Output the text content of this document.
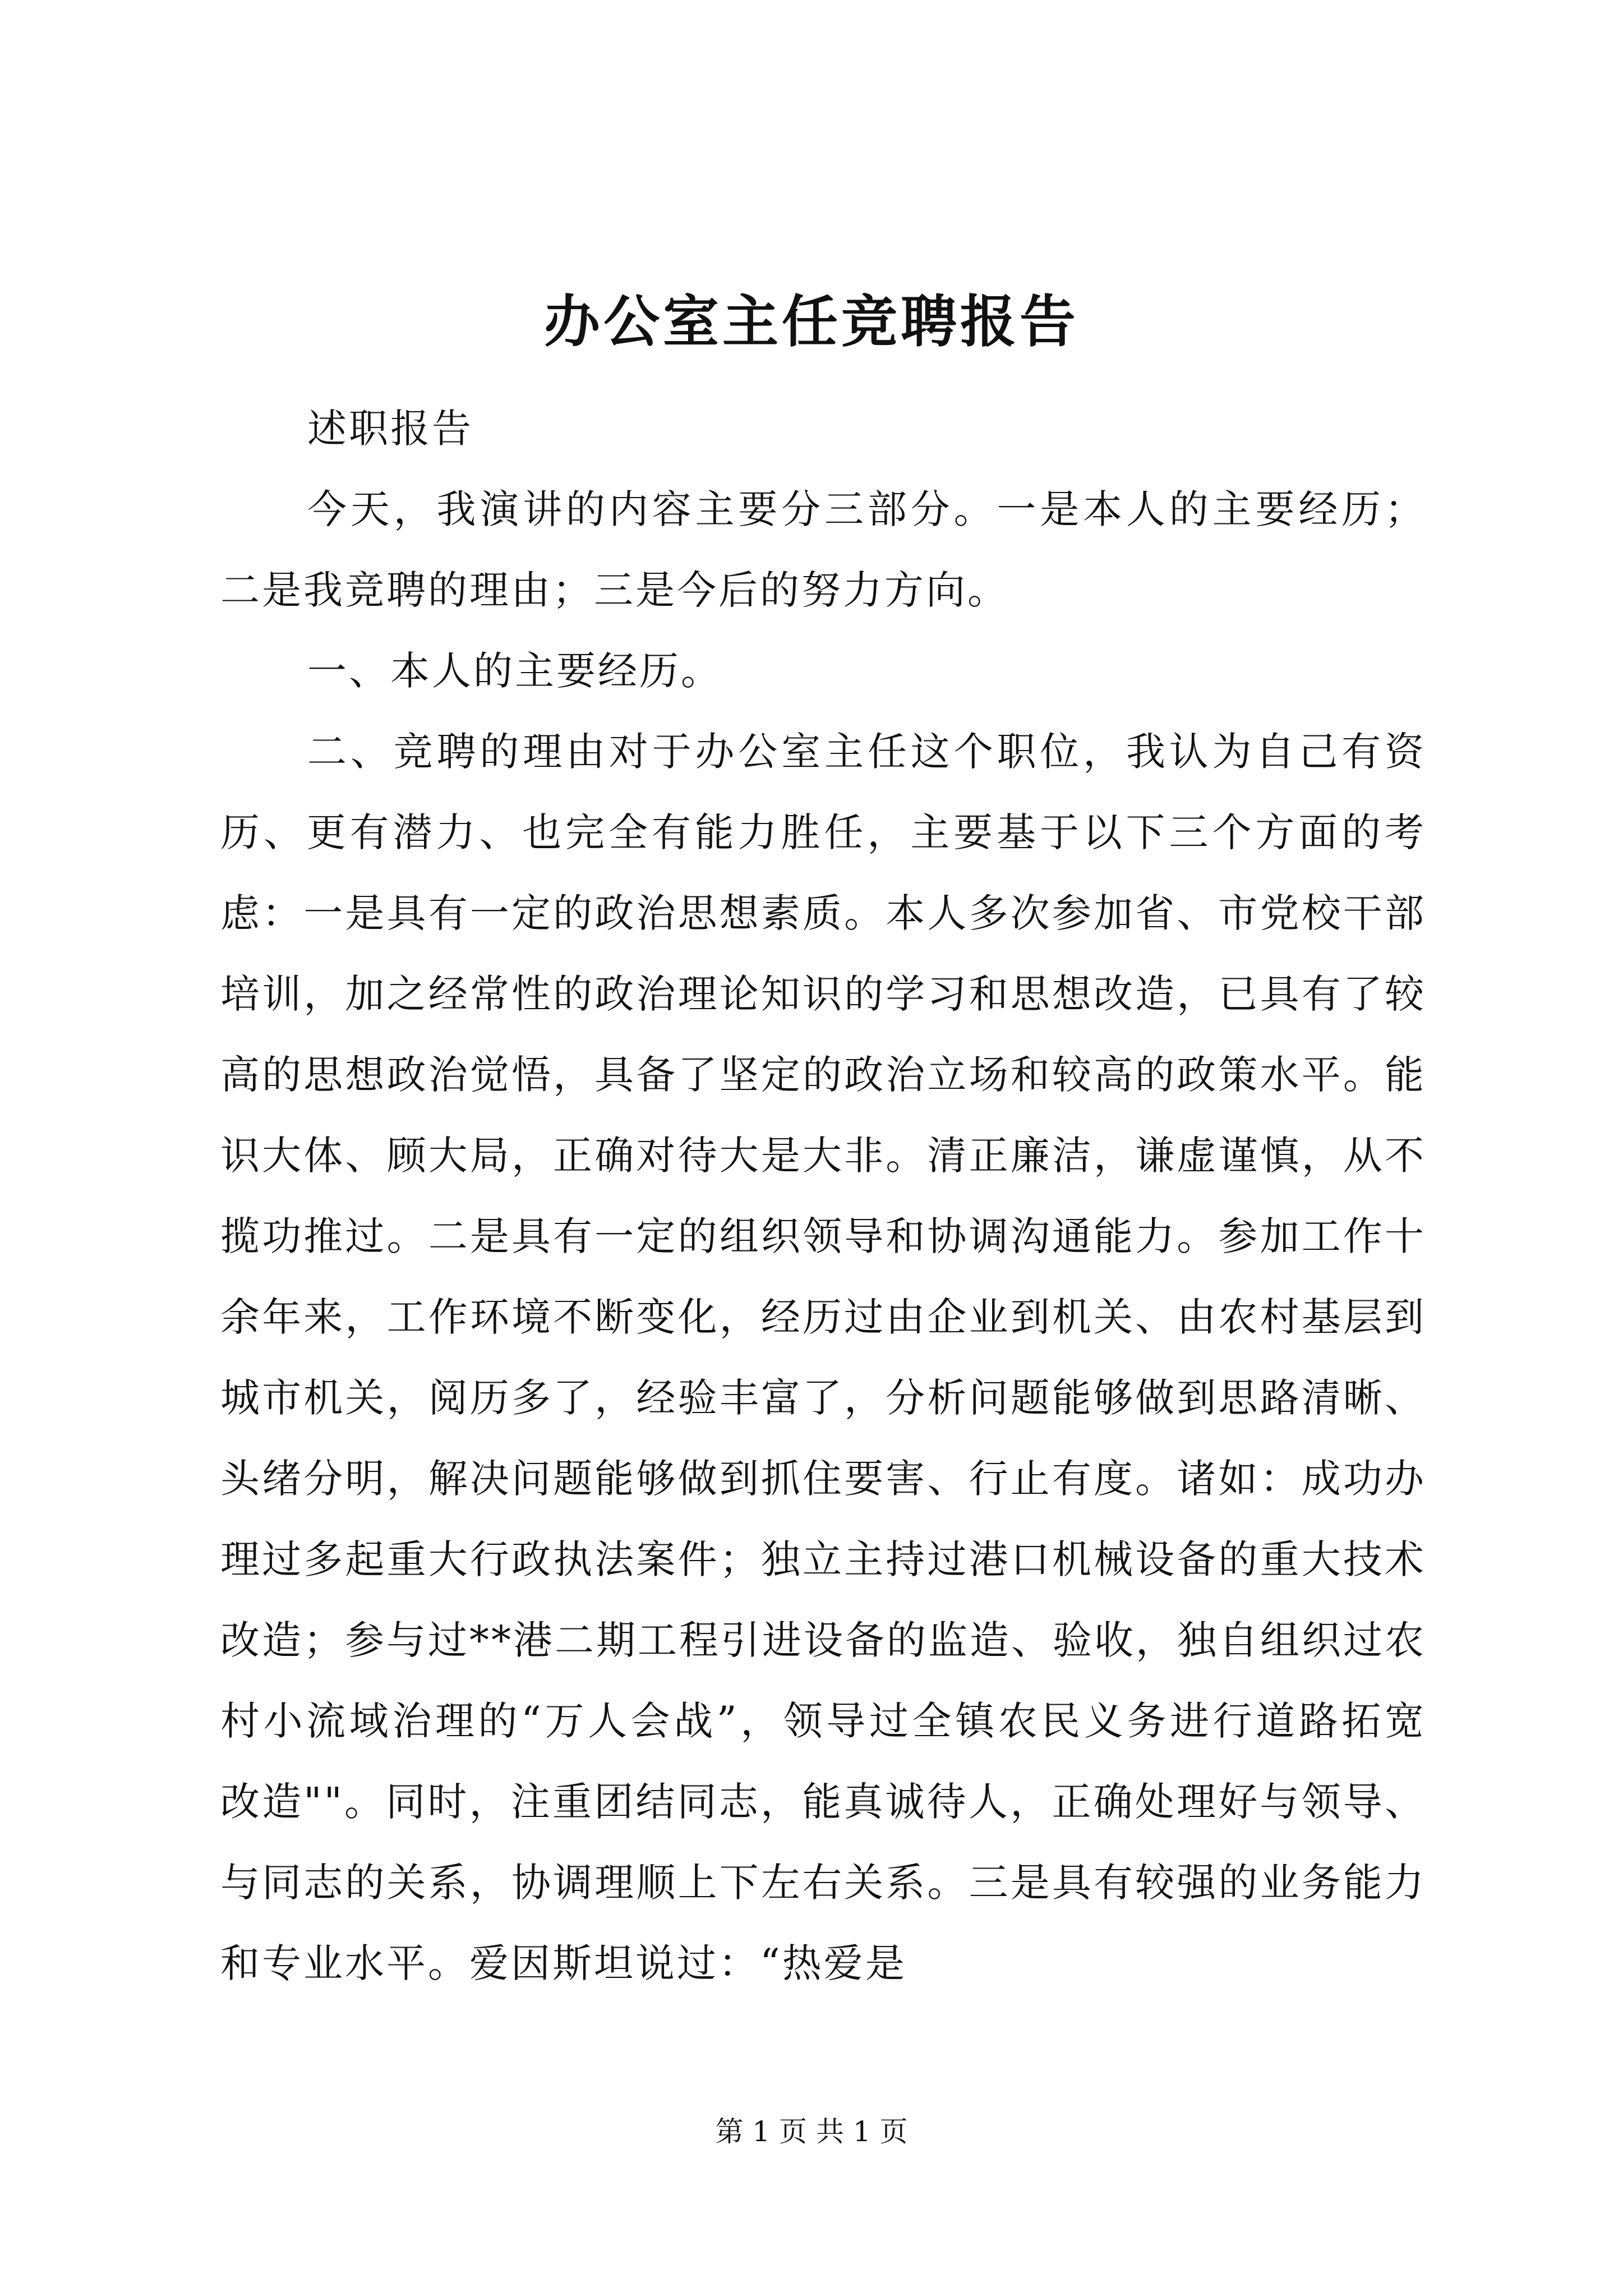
办公室主任竞聘报告

述职报告

今天，我演讲的内容主要分三部分。一是本人的主要经历；二是我竞聘的理由；三是今后的努力方向。

一、本人的主要经历。

二、竞聘的理由对于办公室主任这个职位，我认为自己有资历、更有潜力、也完全有能力胜任，主要基于以下三个方面的考虑：一是具有一定的政治思想素质。本人多次参加省、市党校干部培训，加之经常性的政治理论知识的学习和思想改造，已具有了较高的思想政治觉悟，具备了坚定的政治立场和较高的政策水平。能识大体、顾大局，正确对待大是大非。清正廉洁，谦虚谨慎，从不揽功推过。二是具有一定的组织领导和协调沟通能力。参加工作十余年来，工作环境不断变化，经历过由企业到机关、由农村基层到城市机关，阅历多了，经验丰富了，分析问题能够做到思路清晰、头绪分明，解决问题能够做到抓住要害、行止有度。诸如：成功办理过多起重大行政执法案件；独立主持过港口机械设备的重大技术改造；参与过**港二期工程引进设备的监造、验收，独自组织过农村小流域治理的“万人会战”，领导过全镇农民义务进行道路拓宽改造""。同时，注重团结同志，能真诚待人，正确处理好与领导、与同志的关系，协调理顺上下左右关系。三是具有较强的业务能力和专业水平。爱因斯坦说过：“热爱是

第 1 页 共 1 页
